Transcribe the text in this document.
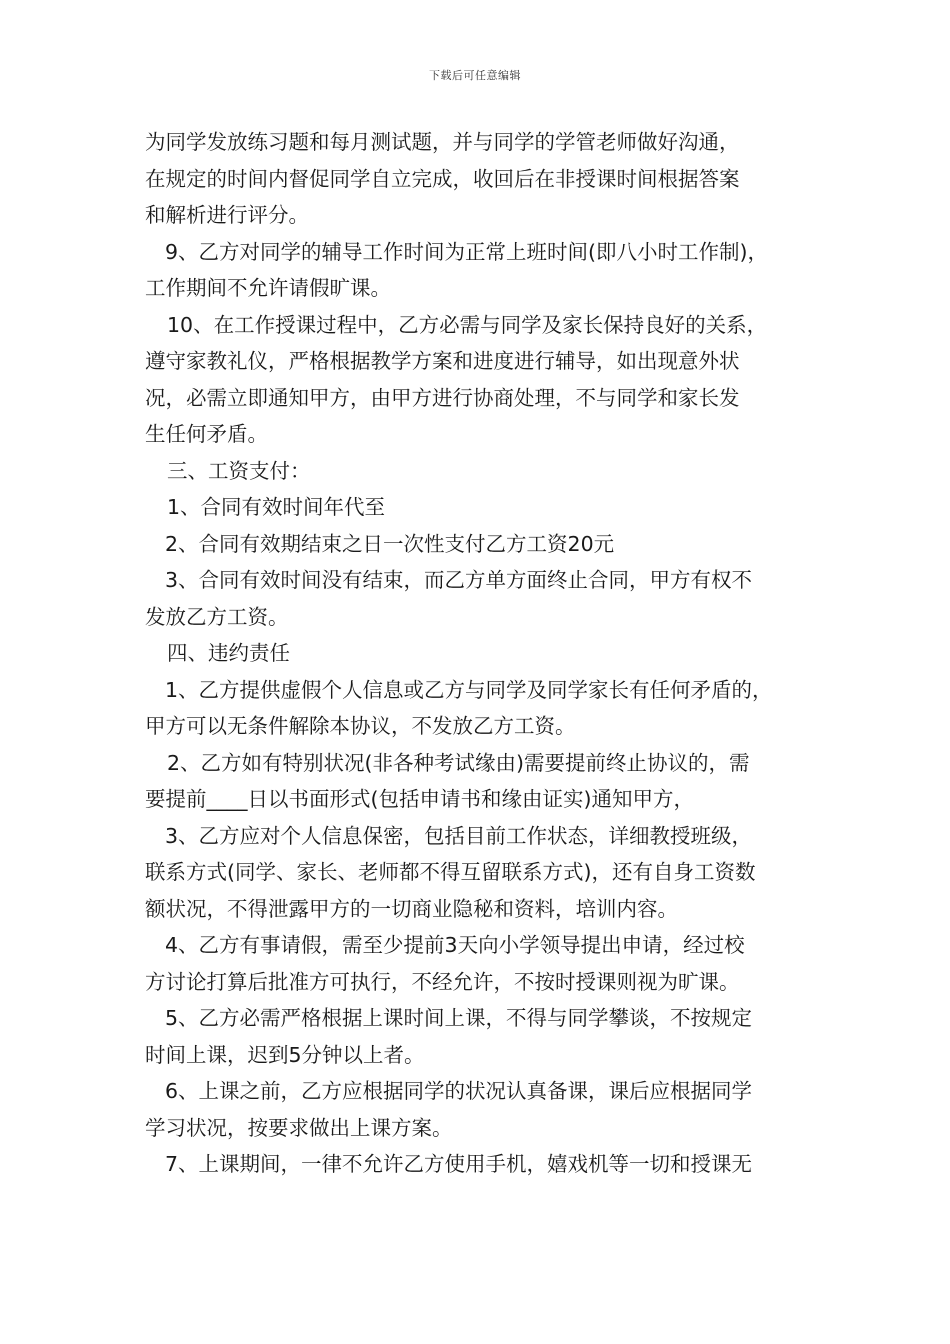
下载后可任意编辑
为同学发放练习题和每月测试题，并与同学的学管老师做好沟通，
在规定的时间内督促同学自立完成，收回后在非授课时间根据答案
和解析进行评分。
9、乙方对同学的辅导工作时间为正常上班时间(即八小时工作制)，
工作期间不允许请假旷课。
10、在工作授课过程中，乙方必需与同学及家长保持良好的关系，
遵守家教礼仪，严格根据教学方案和进度进行辅导，如出现意外状
况，必需立即通知甲方，由甲方进行协商处理，不与同学和家长发
生任何矛盾。
三、工资支付：
1、合同有效时间年代至
2、合同有效期结束之日一次性支付乙方工资20元
3、合同有效时间没有结束，而乙方单方面终止合同，甲方有权不
发放乙方工资。
四、违约责任
1、乙方提供虚假个人信息或乙方与同学及同学家长有任何矛盾的，
甲方可以无条件解除本协议，不发放乙方工资。
2、乙方如有特别状况(非各种考试缘由)需要提前终止协议的，需
要提前____日以书面形式(包括申请书和缘由证实)通知甲方，
3、乙方应对个人信息保密，包括目前工作状态，详细教授班级，
联系方式(同学、家长、老师都不得互留联系方式)，还有自身工资数
额状况，不得泄露甲方的一切商业隐秘和资料，培训内容。
4、乙方有事请假，需至少提前3天向小学领导提出申请，经过校
方讨论打算后批准方可执行，不经允许，不按时授课则视为旷课。
5、乙方必需严格根据上课时间上课，不得与同学攀谈，不按规定
时间上课，迟到5分钟以上者。
6、上课之前，乙方应根据同学的状况认真备课，课后应根据同学
学习状况，按要求做出上课方案。
7、上课期间，一律不允许乙方使用手机，嬉戏机等一切和授课无
